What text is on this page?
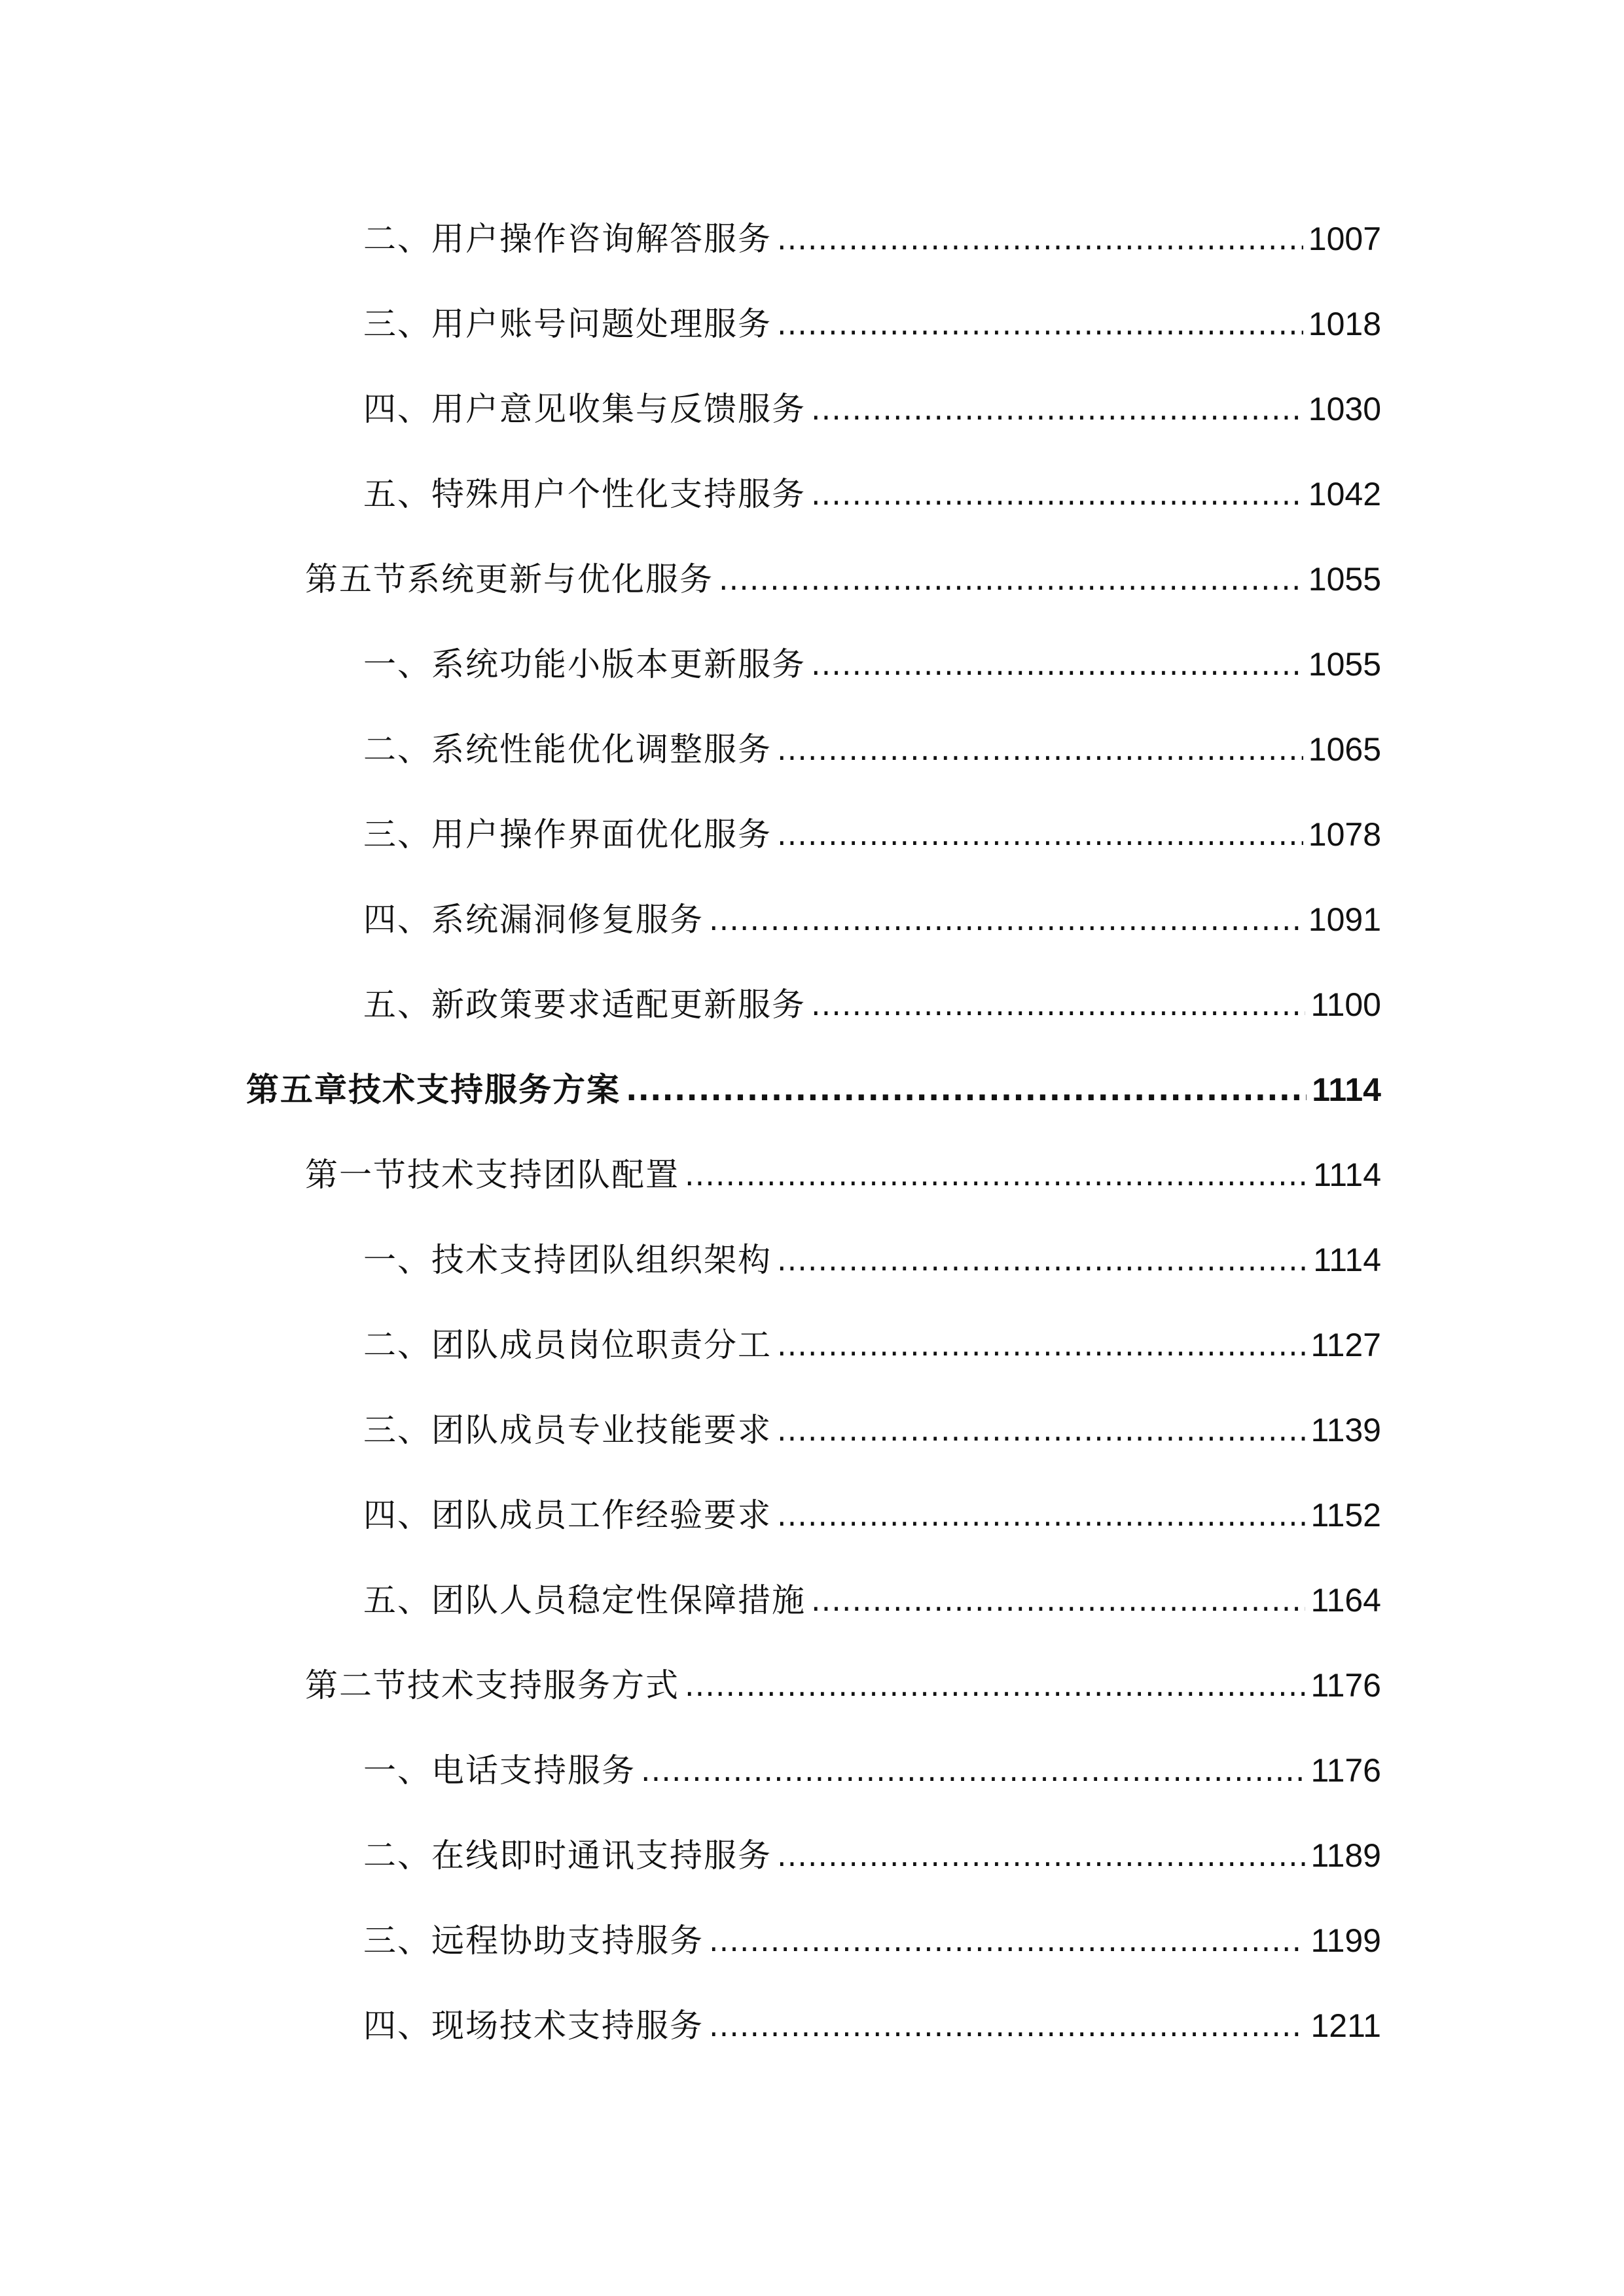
二、用户操作咨询解答服务 .....	1007
三、用户账号问题处理服务 .....	1018
四、用户意见收集与反馈服务 .....	1030
五、特殊用户个性化支持服务 .....	1042
第五节系统更新与优化服务 .....	1055
一、系统功能小版本更新服务 .....	1055
二、系统性能优化调整服务 .....	1065
三、用户操作界面优化服务 .....	1078
四、系统漏洞修复服务 .....	1091
五、新政策要求适配更新服务 .....	1100
第五章技术支持服务方案 .....	1114
第一节技术支持团队配置 .....	1114
一、技术支持团队组织架构 .....	1114
二、团队成员岗位职责分工 .....	1127
三、团队成员专业技能要求 .....	1139
四、团队成员工作经验要求 .....	1152
五、团队人员稳定性保障措施 .....	1164
第二节技术支持服务方式 .....	1176
一、电话支持服务 .....	1176
二、在线即时通讯支持服务 .....	1189
三、远程协助支持服务 .....	1199
四、现场技术支持服务 .....	1211
